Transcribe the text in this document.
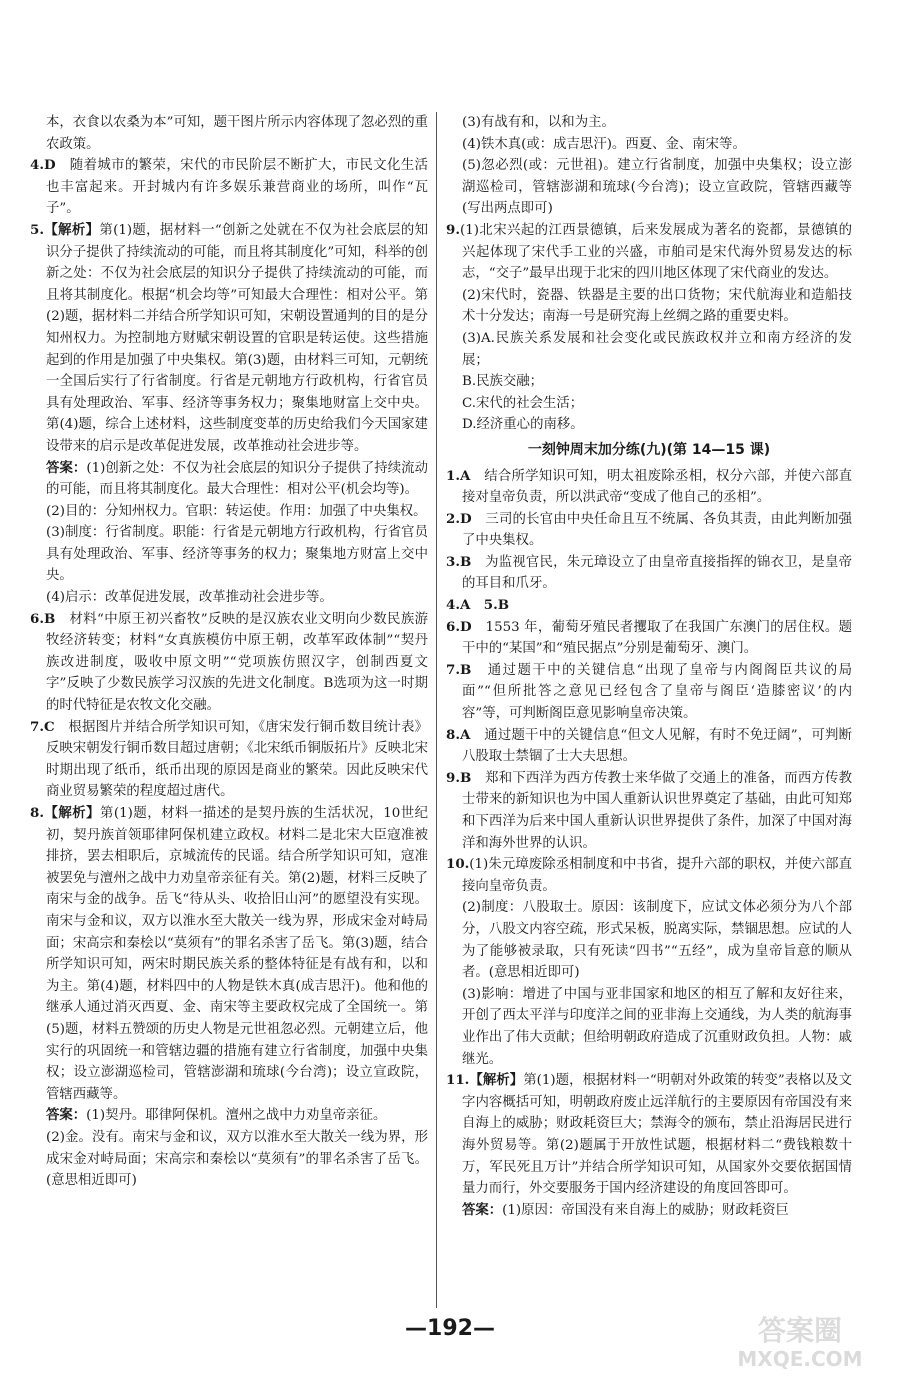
本，衣食以农桑为本”可知，题干图片所示内容体现了忽必烈的重农政策。

4.D　 随着城市的繁荣，宋代的市民阶层不断扩大，市民文化生活也丰富起来。开封城内有许多娱乐兼营商业的场所，叫作“瓦子”。

5.【解析】第(1)题，据材料一“创新之处就在不仅为社会底层的知识分子提供了持续流动的可能，而且将其制度化”可知，科举的创新之处：不仅为社会底层的知识分子提供了持续流动的可能，而且将其制度化。根据“机会均等”可知最大合理性：相对公平。第(2)题，据材料二并结合所学知识可知，宋朝设置通判的目的是分知州权力。为控制地方财赋宋朝设置的官职是转运使。这些措施起到的作用是加强了中央集权。第(3)题，由材料三可知，元朝统一全国后实行了行省制度。行省是元朝地方行政机构，行省官员具有处理政治、军事、经济等事务权力；聚集地财富上交中央。第(4)题，综合上述材料，这些制度变革的历史给我们今天国家建设带来的启示是改革促进发展，改革推动社会进步等。

答案：(1)创新之处：不仅为社会底层的知识分子提供了持续流动的可能，而且将其制度化。最大合理性：相对公平(机会均等)。

(2)目的：分知州权力。官职：转运使。作用：加强了中央集权。

(3)制度：行省制度。职能：行省是元朝地方行政机构，行省官员具有处理政治、军事、经济等事务的权力；聚集地方财富上交中央。

(4)启示：改革促进发展，改革推动社会进步等。

6.B　 材料“中原王初兴畜牧”反映的是汉族农业文明向少数民族游牧经济转变；材料“女真族模仿中原王朝，改革军政体制”“契丹族改进制度，吸收中原文明”“党项族仿照汉字，创制西夏文字”反映了少数民族学习汉族的先进文化制度。B选项为这一时期的时代特征是农牧文化交融。

7.C　 根据图片并结合所学知识可知，《唐宋发行铜币数目统计表》反映宋朝发行铜币数目超过唐朝；《北宋纸币铜版拓片》反映北宋时期出现了纸币，纸币出现的原因是商业的繁荣。因此反映宋代商业贸易繁荣的程度超过唐代。

8.【解析】第(1)题，材料一描述的是契丹族的生活状况，10世纪初，契丹族首领耶律阿保机建立政权。材料二是北宋大臣寇准被排挤，罢去相职后，京城流传的民谣。结合所学知识可知，寇准被罢免与澶州之战中力劝皇帝亲征有关。第(2)题，材料三反映了南宋与金的战争。岳飞“待从头、收拾旧山河”的愿望没有实现。南宋与金和议，双方以淮水至大散关一线为界，形成宋金对峙局面；宋高宗和秦桧以“莫须有”的罪名杀害了岳飞。第(3)题，结合所学知识可知，两宋时期民族关系的整体特征是有战有和，以和为主。第(4)题，材料四中的人物是铁木真(成吉思汗)。他和他的继承人通过消灭西夏、金、南宋等主要政权完成了全国统一。第(5)题，材料五赞颂的历史人物是元世祖忽必烈。元朝建立后，他实行的巩固统一和管辖边疆的措施有建立行省制度，加强中央集权；设立澎湖巡检司，管辖澎湖和琉球(今台湾)；设立宣政院，管辖西藏等。

答案：(1)契丹。耶律阿保机。澶州之战中力劝皇帝亲征。

(2)金。没有。南宋与金和议，双方以淮水至大散关一线为界，形成宋金对峙局面；宋高宗和秦桧以“莫须有”的罪名杀害了岳飞。(意思相近即可)

(3)有战有和，以和为主。

(4)铁木真(或：成吉思汗)。西夏、金、南宋等。

(5)忽必烈(或：元世祖)。建立行省制度，加强中央集权；设立澎湖巡检司，管辖澎湖和琉球(今台湾)；设立宣政院，管辖西藏等(写出两点即可)

9.(1)北宋兴起的江西景德镇，后来发展成为著名的瓷都，景德镇的兴起体现了宋代手工业的兴盛，市舶司是宋代海外贸易发达的标志，“交子”最早出现于北宋的四川地区体现了宋代商业的发达。

(2)宋代时，瓷器、铁器是主要的出口货物；宋代航海业和造船技术十分发达；南海一号是研究海上丝绸之路的重要史料。

(3)A.民族关系发展和社会变化或民族政权并立和南方经济的发展；

B.民族交融；

C.宋代的社会生活；

D.经济重心的南移。

一刻钟周末加分练(九)(第 14—15 课)

1.A　 结合所学知识可知，明太祖废除丞相，权分六部，并使六部直接对皇帝负责，所以洪武帝“变成了他自己的丞相”。

2.D　 三司的长官由中央任命且互不统属、各负其责，由此判断加强了中央集权。

3.B　 为监视官民，朱元璋设立了由皇帝直接指挥的锦衣卫，是皇帝的耳目和爪牙。

4.A　5.B

6.D　 1553 年，葡萄牙殖民者攫取了在我国广东澳门的居住权。题干中的“某国”和“殖民据点”分别是葡萄牙、澳门。

7.B　 通过题干中的关键信息“出现了皇帝与内阁阁臣共议的局面”“但所批答之意见已经包含了皇帝与阁臣‘造膝密议’的内容”等，可判断阁臣意见影响皇帝决策。

8.A　 通过题干中的关键信息“但文人见解，有时不免迂阔”，可判断八股取士禁锢了士大夫思想。

9.B　 郑和下西洋为西方传教士来华做了交通上的准备，而西方传教士带来的新知识也为中国人重新认识世界奠定了基础，由此可知郑和下西洋为后来中国人重新认识世界提供了条件，加深了中国对海洋和海外世界的认识。

10.(1)朱元璋废除丞相制度和中书省，提升六部的职权，并使六部直接向皇帝负责。

(2)制度：八股取士。原因：该制度下，应试文体必须分为八个部分，八股文内容空疏，形式呆板，脱离实际，禁锢思想。应试的人为了能够被录取，只有死读“四书”“五经”，成为皇帝旨意的顺从者。(意思相近即可)

(3)影响：增进了中国与亚非国家和地区的相互了解和友好往来，开创了西太平洋与印度洋之间的亚非海上交通线，为人类的航海事业作出了伟大贡献；但给明朝政府造成了沉重财政负担。人物：戚继光。

11.【解析】第(1)题，根据材料一“明朝对外政策的转变”表格以及文字内容概括可知，明朝政府废止远洋航行的主要原因有帝国没有来自海上的威胁；财政耗资巨大；禁海令的颁布，禁止沿海居民进行海外贸易等。第(2)题属于开放性试题，根据材料二“费钱粮数十万，军民死且万计”并结合所学知识可知，从国家外交要依据国情量力而行，外交要服务于国内经济建设的角度回答即可。

答案：(1)原因：帝国没有来自海上的威胁；财政耗资巨

—192—	答案圈
MXQE.COM
